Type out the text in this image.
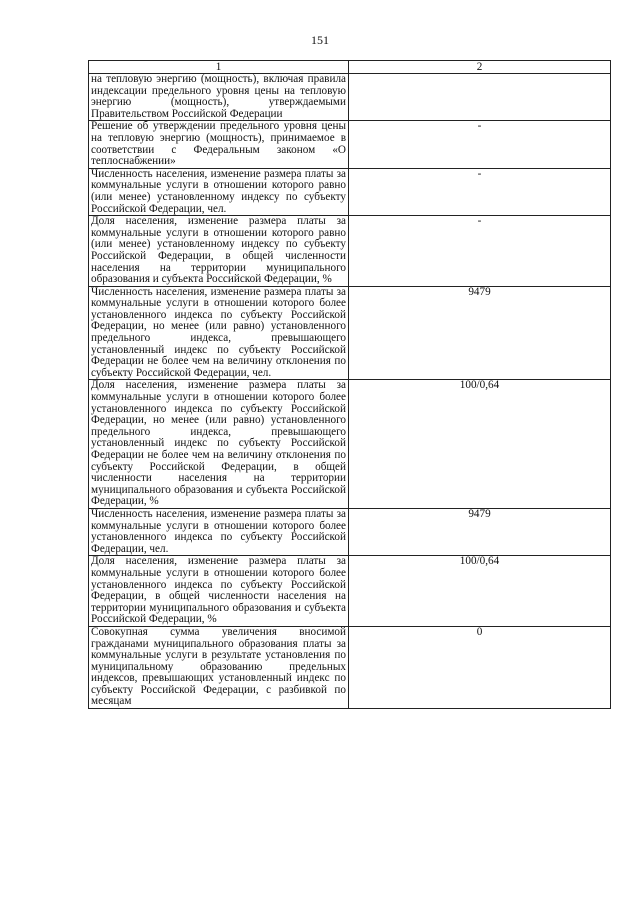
151
1	2
на тепловую энергию (мощность), включая правила индексации предельного уровня цены на тепловую энергию (мощность), утверждаемыми Правительством Российской Федерации	
Решение об утверждении предельного уровня цены на тепловую энергию (мощность), принимаемое в соответствии с Федеральным законом «О теплоснабжении»	-
Численность населения, изменение размера платы за коммунальные услуги в отношении которого равно (или менее) установленному индексу по субъекту Российской Федерации, чел.	-
Доля населения, изменение размера платы за коммунальные услуги в отношении которого равно (или менее) установленному индексу по субъекту Российской Федерации, в общей численности населения на территории муниципального образования и субъекта Российской Федерации, %	-
Численность населения, изменение размера платы за коммунальные услуги в отношении которого более установленного индекса по субъекту Российской Федерации, но менее (или равно) установленного предельного индекса, превышающего установленный индекс по субъекту Российской Федерации не более чем на величину отклонения по субъекту Российской Федерации, чел.	9479
Доля населения, изменение размера платы за коммунальные услуги в отношении которого более установленного индекса по субъекту Российской Федерации, но менее (или равно) установленного предельного индекса, превышающего установленный индекс по субъекту Российской Федерации не более чем на величину отклонения по субъекту Российской Федерации, в общей численности населения на территории муниципального образования и субъекта Российской Федерации, %	100/0,64
Численность населения, изменение размера платы за коммунальные услуги в отношении которого более установленного индекса по субъекту Российской Федерации, чел.	9479
Доля населения, изменение размера платы за коммунальные услуги в отношении которого более установленного индекса по субъекту Российской Федерации, в общей численности населения на территории муниципального образования и субъекта Российской Федерации, %	100/0,64
Совокупная сумма увеличения вносимой гражданами муниципального образования платы за коммунальные услуги в результате установления по муниципальному образованию предельных индексов, превышающих установленный индекс по субъекту Российской Федерации, с разбивкой по месяцам	0
